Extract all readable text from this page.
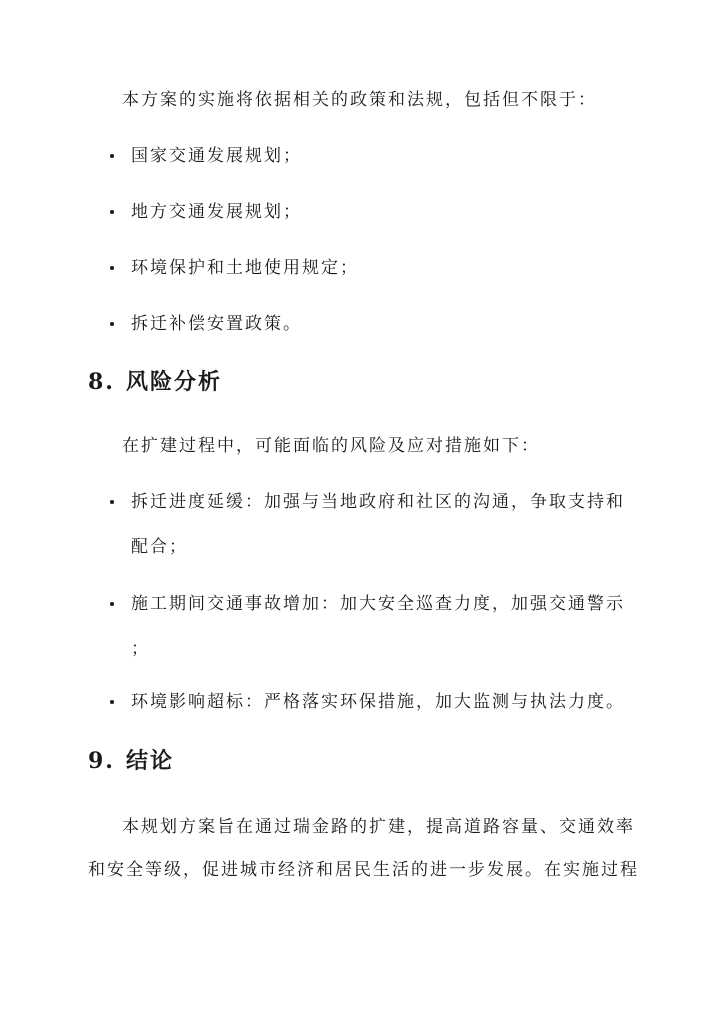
本方案的实施将依据相关的政策和法规，包括但不限于：
国家交通发展规划；
地方交通发展规划；
环境保护和土地使用规定；
拆迁补偿安置政策。
8. 风险分析
在扩建过程中，可能面临的风险及应对措施如下：
拆迁进度延缓：加强与当地政府和社区的沟通，争取支持和
配合；
施工期间交通事故增加：加大安全巡查力度，加强交通警示
；
环境影响超标：严格落实环保措施，加大监测与执法力度。
9. 结论
本规划方案旨在通过瑞金路的扩建，提高道路容量、交通效率
和安全等级，促进城市经济和居民生活的进一步发展。在实施过程
